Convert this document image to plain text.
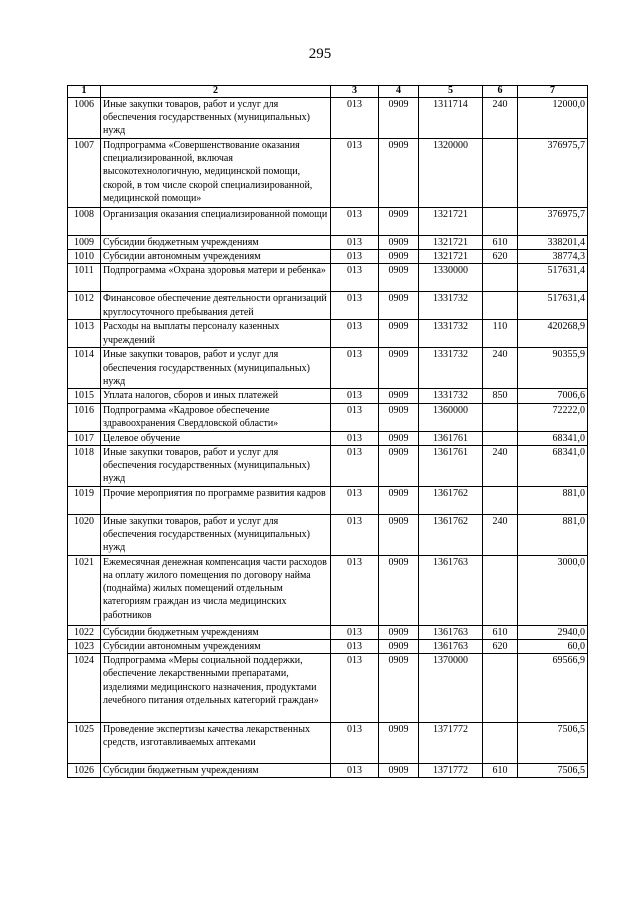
295
1	2	3	4	5	6	7
1006	Иные закупки товаров, работ и услуг для обеспечения государственных (муниципальных) нужд	013	0909	1311714	240	12000,0
1007	Подпрограмма «Совершенствование оказания специализированной, включая высокотехнологичную, медицинской помощи, скорой, в том числе скорой специализированной, медицинской помощи»	013	0909	1320000		376975,7
1008	Организация оказания специализированной помощи	013	0909	1321721		376975,7
1009	Субсидии бюджетным учреждениям	013	0909	1321721	610	338201,4
1010	Субсидии автономным учреждениям	013	0909	1321721	620	38774,3
1011	Подпрограмма «Охрана здоровья матери и ребенка»	013	0909	1330000		517631,4
1012	Финансовое обеспечение деятельности организаций круглосуточного пребывания детей	013	0909	1331732		517631,4
1013	Расходы на выплаты персоналу казенных учреждений	013	0909	1331732	110	420268,9
1014	Иные закупки товаров, работ и услуг для обеспечения государственных (муниципальных) нужд	013	0909	1331732	240	90355,9
1015	Уплата налогов, сборов и иных платежей	013	0909	1331732	850	7006,6
1016	Подпрограмма «Кадровое обеспечение здравоохранения Свердловской области»	013	0909	1360000		72222,0
1017	Целевое обучение	013	0909	1361761		68341,0
1018	Иные закупки товаров, работ и услуг для обеспечения государственных (муниципальных) нужд	013	0909	1361761	240	68341,0
1019	Прочие мероприятия по программе развития кадров	013	0909	1361762		881,0
1020	Иные закупки товаров, работ и услуг для обеспечения государственных (муниципальных) нужд	013	0909	1361762	240	881,0
1021	Ежемесячная денежная компенсация части расходов на оплату жилого помещения по договору найма (поднайма) жилых помещений отдельным категориям граждан из числа медицинских работников	013	0909	1361763		3000,0
1022	Субсидии бюджетным учреждениям	013	0909	1361763	610	2940,0
1023	Субсидии автономным учреждениям	013	0909	1361763	620	60,0
1024	Подпрограмма «Меры социальной поддержки, обеспечение лекарственными препаратами, изделиями медицинского назначения, продуктами лечебного питания отдельных категорий граждан»	013	0909	1370000		69566,9
1025	Проведение экспертизы качества лекарственных средств, изготавливаемых аптеками	013	0909	1371772		7506,5
1026	Субсидии бюджетным учреждениям	013	0909	1371772	610	7506,5
